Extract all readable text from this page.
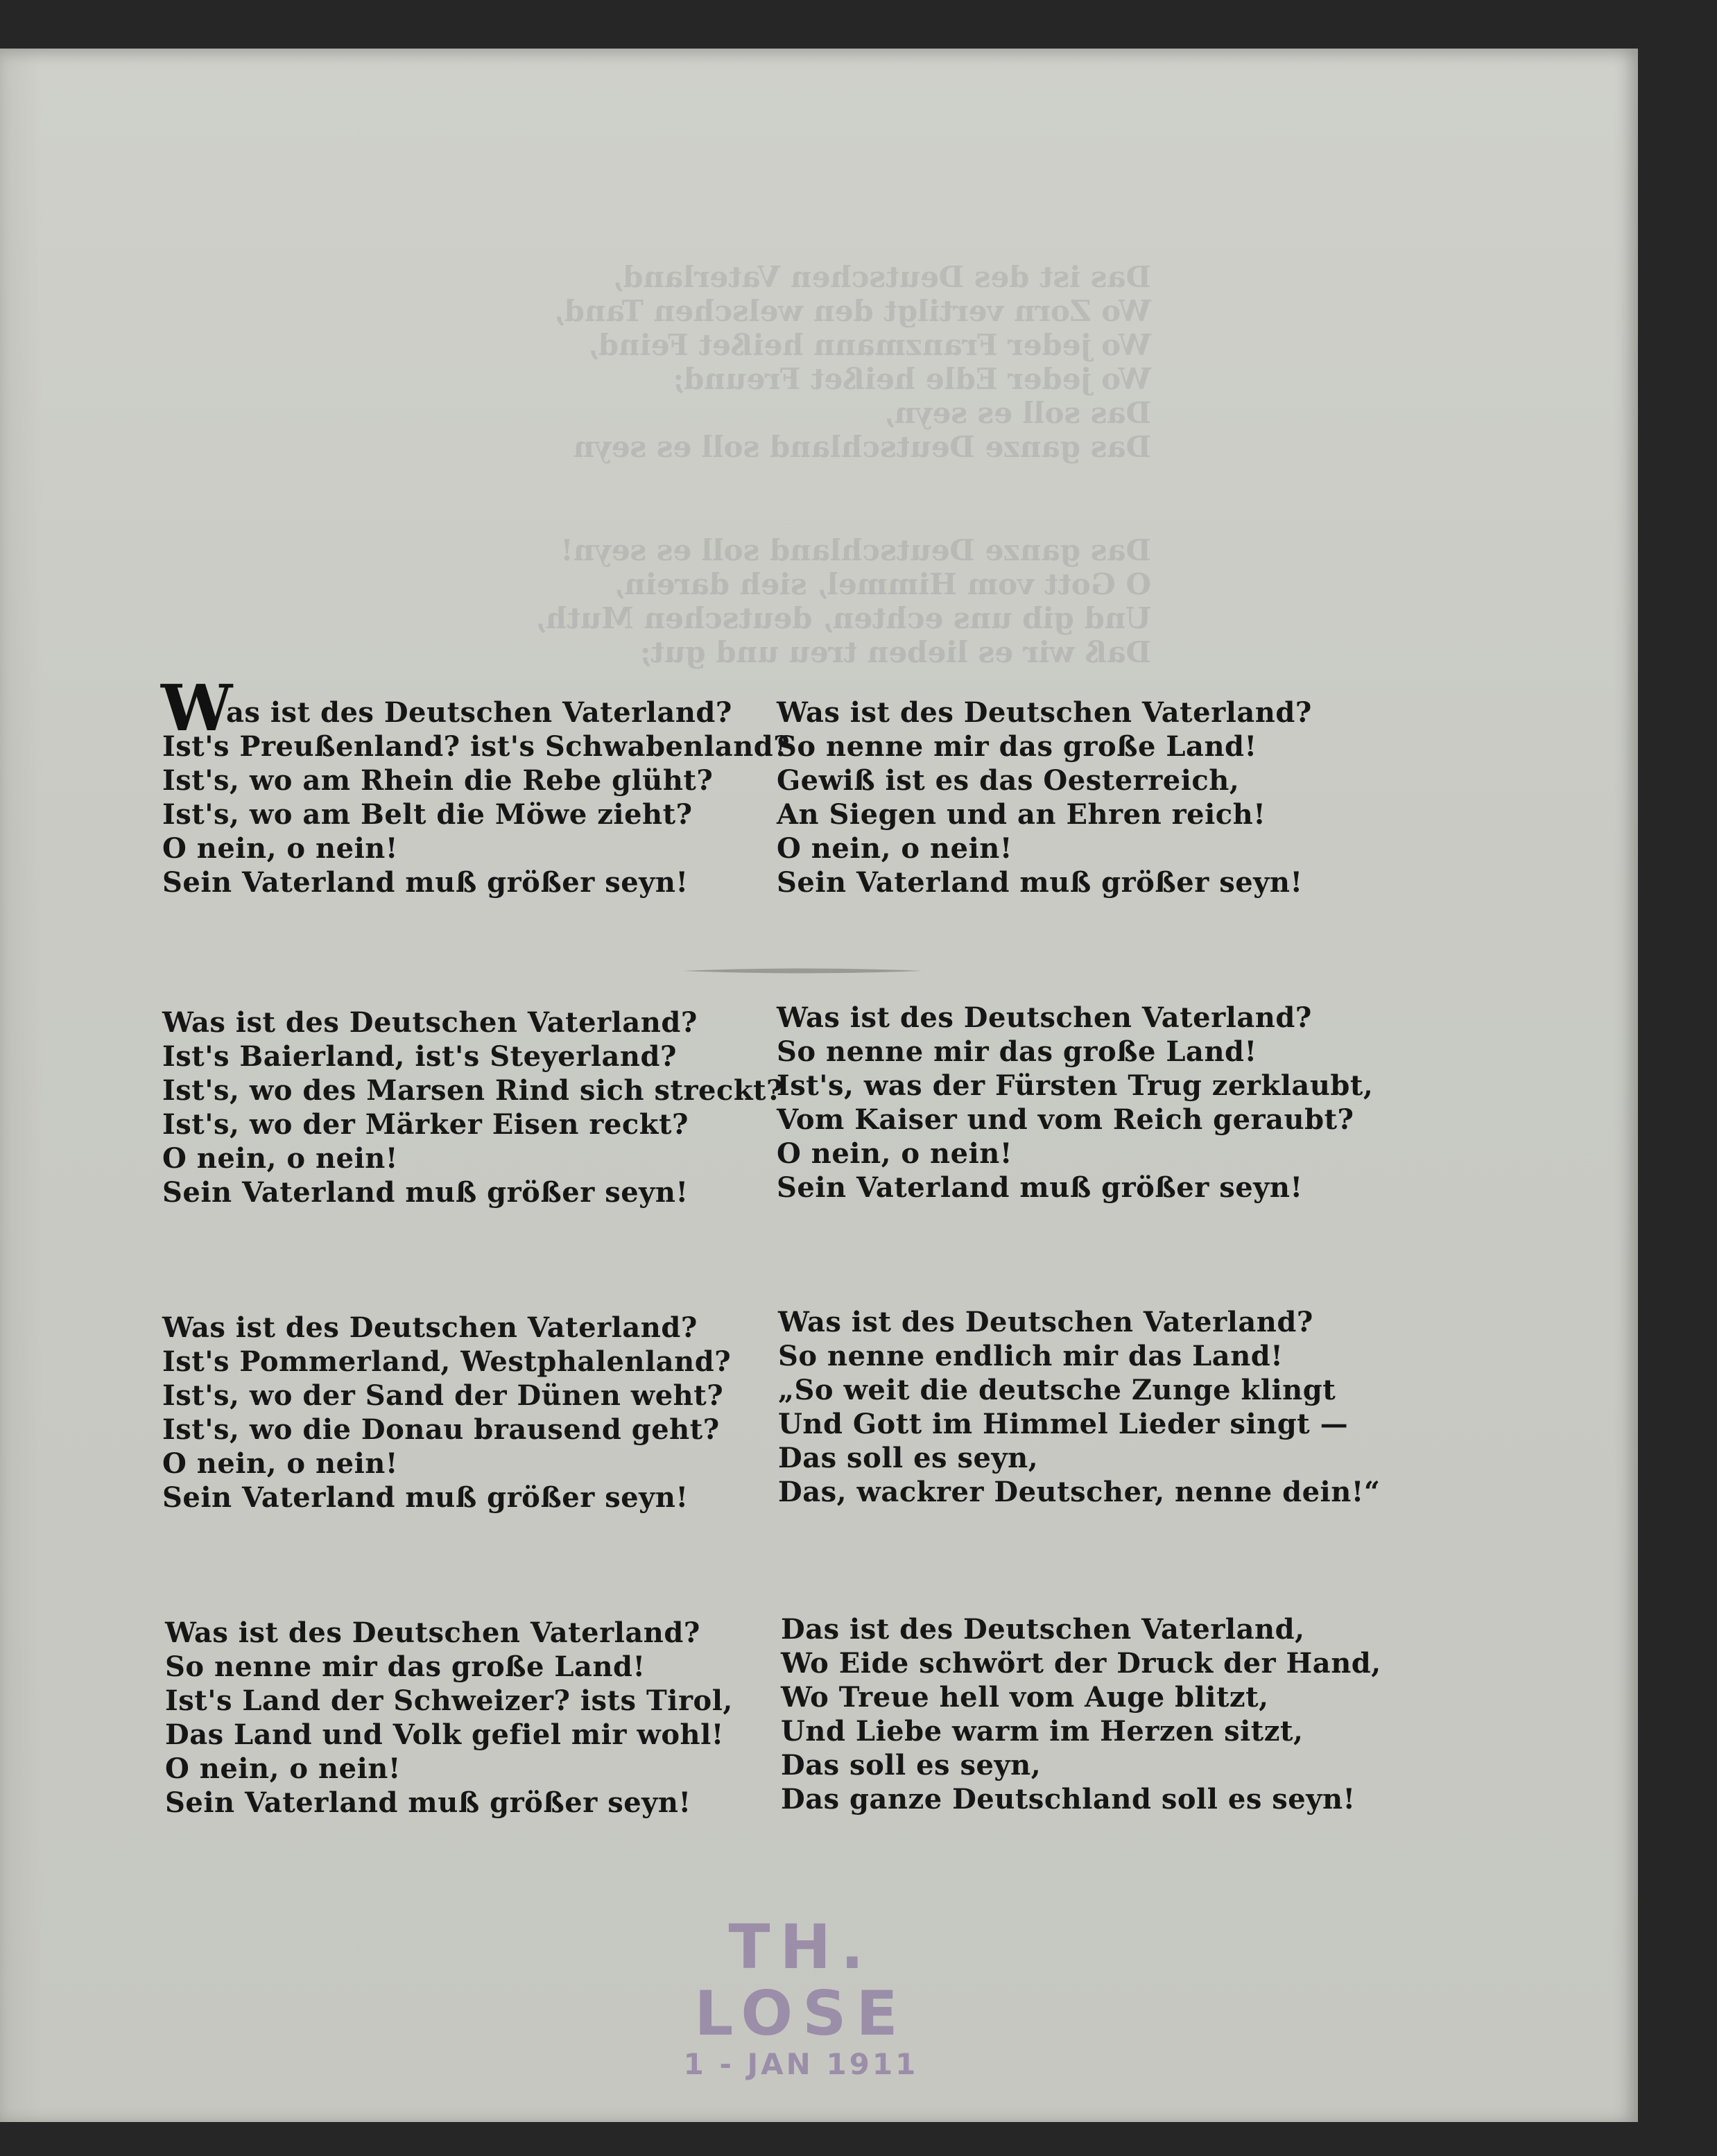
Das ist des Deutschen Vaterland,
Wo Zorn vertilgt den welschen Tand,
Wo jeder Franzmann heißet Feind,
Wo jeder Edle heißet Freund;
Das soll es seyn,
Das ganze Deutschland soll es seyn
Das ganze Deutschland soll es seyn!
O Gott vom Himmel, sieh darein,
Und gib uns echten, deutschen Muth,
Daß wir es lieben treu und gut;
W
as ist des Deutschen Vaterland?
Ist's Preußenland? ist's Schwabenland?
Ist's, wo am Rhein die Rebe glüht?
Ist's, wo am Belt die Möwe zieht?
O nein, o nein!
Sein Vaterland muß größer seyn!
Was ist des Deutschen Vaterland?
So nenne mir das große Land!
Gewiß ist es das Oesterreich,
An Siegen und an Ehren reich!
O nein, o nein!
Sein Vaterland muß größer seyn!
Was ist des Deutschen Vaterland?
Ist's Baierland, ist's Steyerland?
Ist's, wo des Marsen Rind sich streckt?
Ist's, wo der Märker Eisen reckt?
O nein, o nein!
Sein Vaterland muß größer seyn!
Was ist des Deutschen Vaterland?
So nenne mir das große Land!
Ist's, was der Fürsten Trug zerklaubt,
Vom Kaiser und vom Reich geraubt?
O nein, o nein!
Sein Vaterland muß größer seyn!
Was ist des Deutschen Vaterland?
Ist's Pommerland, Westphalenland?
Ist's, wo der Sand der Dünen weht?
Ist's, wo die Donau brausend geht?
O nein, o nein!
Sein Vaterland muß größer seyn!
Was ist des Deutschen Vaterland?
So nenne endlich mir das Land!
„So weit die deutsche Zunge klingt
Und Gott im Himmel Lieder singt —
Das soll es seyn,
Das, wackrer Deutscher, nenne dein!“
Was ist des Deutschen Vaterland?
So nenne mir das große Land!
Ist's Land der Schweizer? ists Tirol,
Das Land und Volk gefiel mir wohl!
O nein, o nein!
Sein Vaterland muß größer seyn!
Das ist des Deutschen Vaterland,
Wo Eide schwört der Druck der Hand,
Wo Treue hell vom Auge blitzt,
Und Liebe warm im Herzen sitzt,
Das soll es seyn,
Das ganze Deutschland soll es seyn!
TH. LOSE
1 - JAN 1911
